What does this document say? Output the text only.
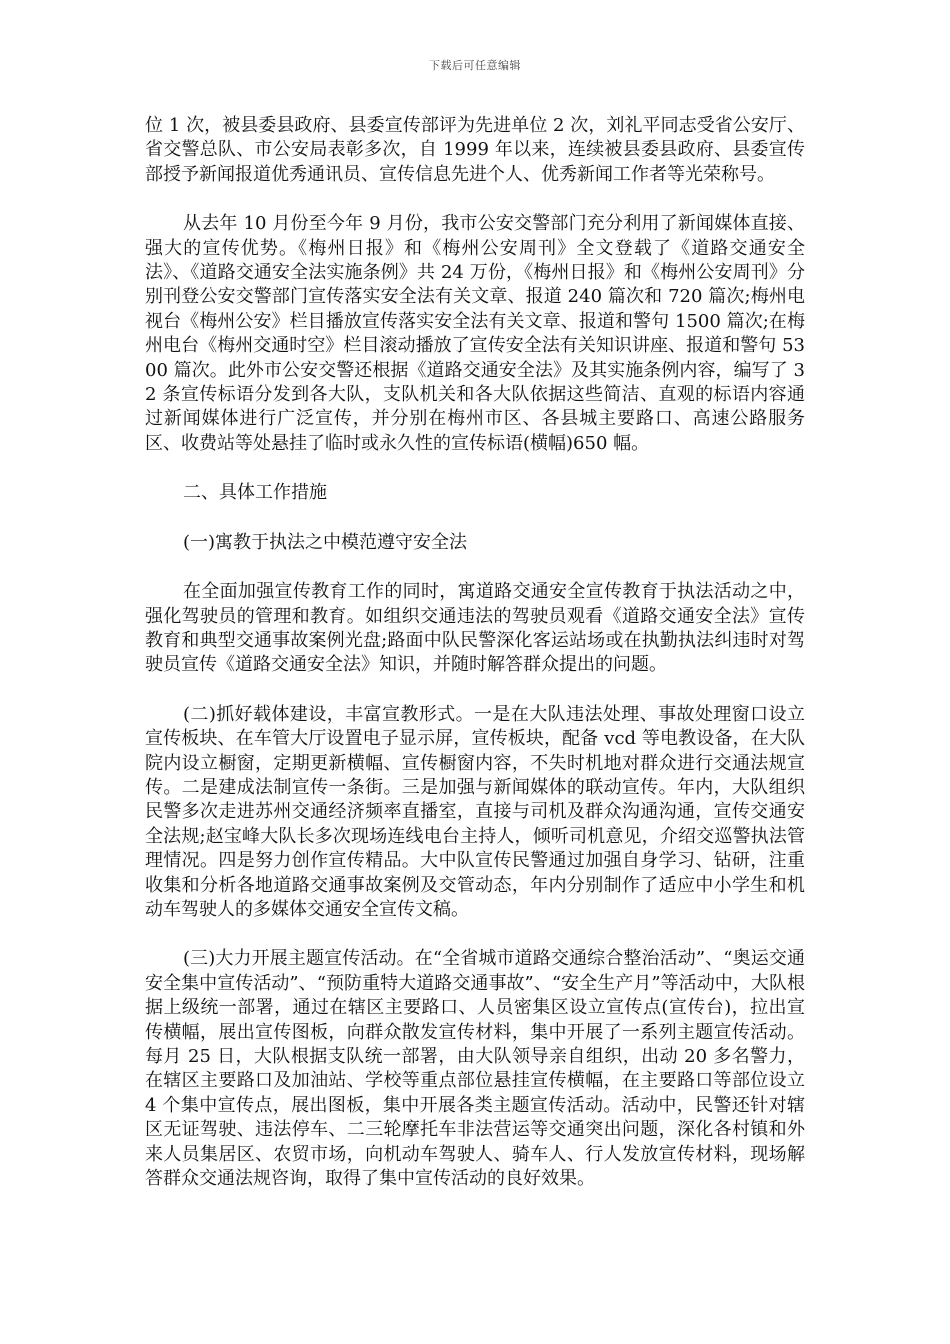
下载后可任意编辑

位 1 次，被县委县政府、县委宣传部评为先进单位 2 次，刘礼平同志受省公安厅、省交警总队、市公安局表彰多次，自 1999 年以来，连续被县委县政府、县委宣传部授予新闻报道优秀通讯员、宣传信息先进个人、优秀新闻工作者等光荣称号。

从去年 10 月份至今年 9 月份，我市公安交警部门充分利用了新闻媒体直接、强大的宣传优势。《梅州日报》和《梅州公安周刊》全文登载了《道路交通安全法》、《道路交通安全法实施条例》共 24 万份，《梅州日报》和《梅州公安周刊》分别刊登公安交警部门宣传落实安全法有关文章、报道 240 篇次和 720 篇次;梅州电视台《梅州公安》栏目播放宣传落实安全法有关文章、报道和警句 1500 篇次;在梅州电台《梅州交通时空》栏目滚动播放了宣传安全法有关知识讲座、报道和警句 5300 篇次。此外市公安交警还根据《道路交通安全法》及其实施条例内容，编写了 32 条宣传标语分发到各大队，支队机关和各大队依据这些简洁、直观的标语内容通过新闻媒体进行广泛宣传，并分别在梅州市区、各县城主要路口、高速公路服务区、收费站等处悬挂了临时或永久性的宣传标语(横幅)650 幅。

二、具体工作措施

(一)寓教于执法之中模范遵守安全法

在全面加强宣传教育工作的同时，寓道路交通安全宣传教育于执法活动之中，强化驾驶员的管理和教育。如组织交通违法的驾驶员观看《道路交通安全法》宣传教育和典型交通事故案例光盘;路面中队民警深化客运站场或在执勤执法纠违时对驾驶员宣传《道路交通安全法》知识，并随时解答群众提出的问题。

(二)抓好载体建设，丰富宣教形式。一是在大队违法处理、事故处理窗口设立宣传板块、在车管大厅设置电子显示屏，宣传板块，配备 vcd 等电教设备，在大队院内设立橱窗，定期更新横幅、宣传橱窗内容，不失时机地对群众进行交通法规宣传。二是建成法制宣传一条街。三是加强与新闻媒体的联动宣传。年内，大队组织民警多次走进苏州交通经济频率直播室，直接与司机及群众沟通沟通，宣传交通安全法规;赵宝峰大队长多次现场连线电台主持人，倾听司机意见，介绍交巡警执法管理情况。四是努力创作宣传精品。大中队宣传民警通过加强自身学习、钻研，注重收集和分析各地道路交通事故案例及交管动态，年内分别制作了适应中小学生和机动车驾驶人的多媒体交通安全宣传文稿。

(三)大力开展主题宣传活动。在“全省城市道路交通综合整治活动”、“奥运交通安全集中宣传活动”、“预防重特大道路交通事故”、“安全生产月”等活动中，大队根据上级统一部署，通过在辖区主要路口、人员密集区设立宣传点(宣传台)，拉出宣传横幅，展出宣传图板，向群众散发宣传材料，集中开展了一系列主题宣传活动。每月 25 日，大队根据支队统一部署，由大队领导亲自组织，出动 20 多名警力，在辖区主要路口及加油站、学校等重点部位悬挂宣传横幅，在主要路口等部位设立 4 个集中宣传点，展出图板，集中开展各类主题宣传活动。活动中，民警还针对辖区无证驾驶、违法停车、二三轮摩托车非法营运等交通突出问题，深化各村镇和外来人员集居区、农贸市场，向机动车驾驶人、骑车人、行人发放宣传材料，现场解答群众交通法规咨询，取得了集中宣传活动的良好效果。
